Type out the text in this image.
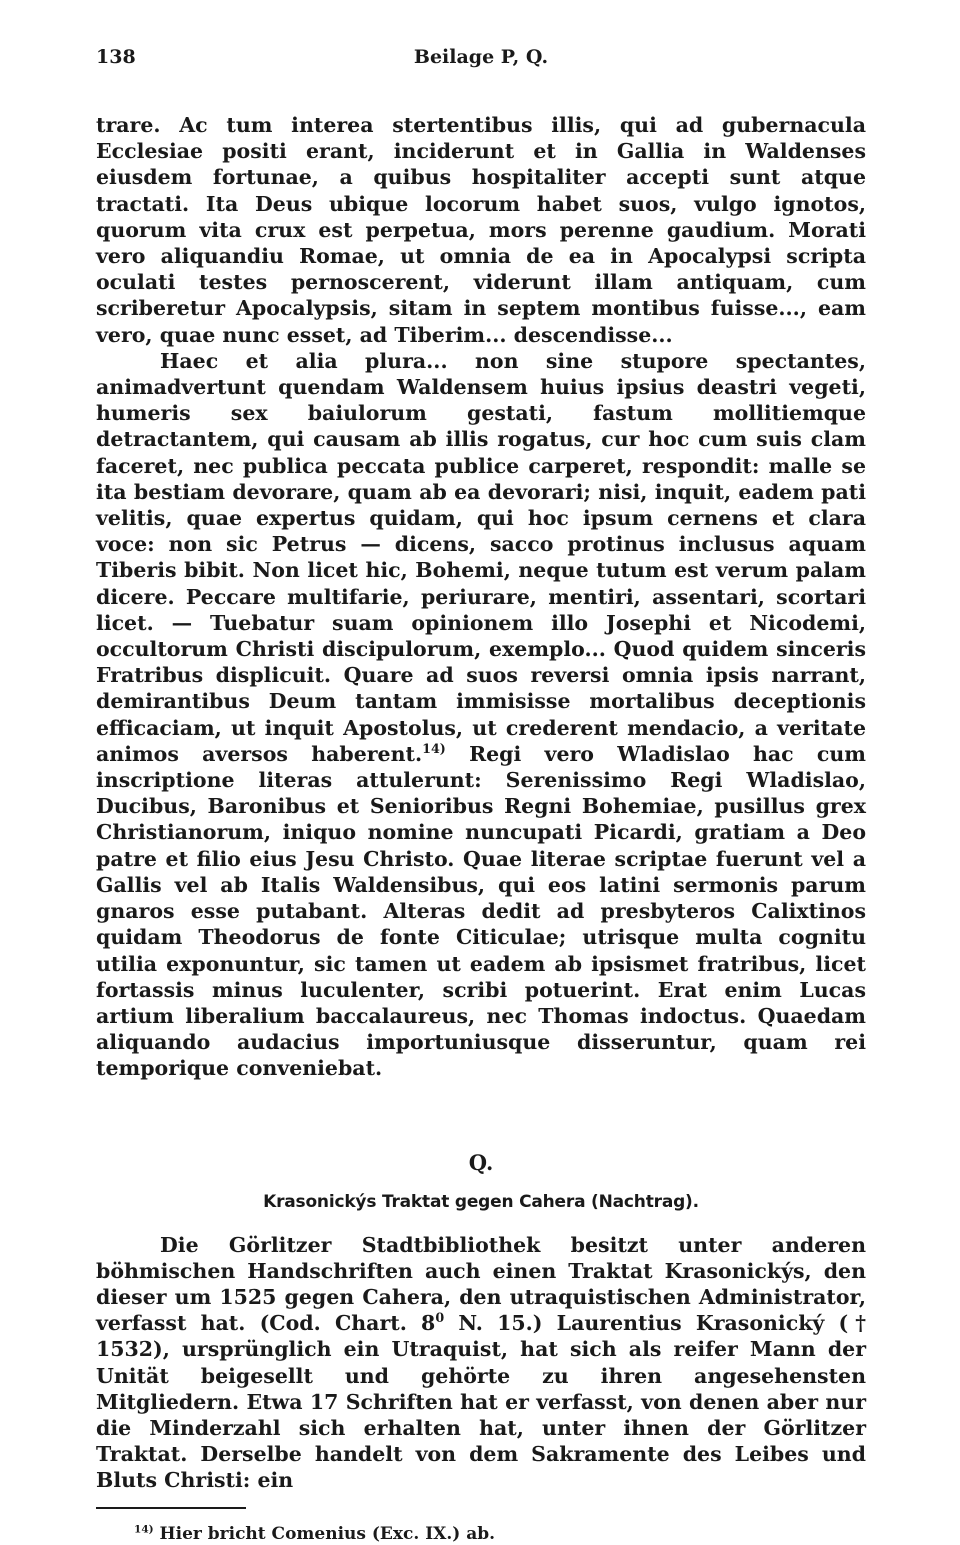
138	Beilage P, Q.

trare. Ac tum interea stertentibus illis, qui ad gubernacula Ecclesiae positi erant, inciderunt et in Gallia in Waldenses eiusdem fortunae, a quibus hospitaliter accepti sunt atque tractati. Ita Deus ubique locorum habet suos, vulgo ignotos, quorum vita crux est perpetua, mors perenne gaudium. Morati vero aliquandiu Romae, ut omnia de ea in Apocalypsi scripta oculati testes pernoscerent, viderunt illam antiquam, cum scriberetur Apocalypsis, sitam in septem montibus fuisse..., eam vero, quae nunc esset, ad Tiberim... descendisse...

Haec et alia plura... non sine stupore spectantes, animadvertunt quendam Waldensem huius ipsius deastri vegeti, humeris sex baiulorum gestati, fastum mollitiemque detractantem, qui causam ab illis rogatus, cur hoc cum suis clam faceret, nec publica peccata publice carperet, respondit: malle se ita bestiam devorare, quam ab ea devorari; nisi, inquit, eadem pati velitis, quae expertus quidam, qui hoc ipsum cernens et clara voce: non sic Petrus — dicens, sacco protinus inclusus aquam Tiberis bibit. Non licet hic, Bohemi, neque tutum est verum palam dicere. Peccare multifarie, periurare, mentiri, assentari, scortari licet. — Tuebatur suam opinionem illo Josephi et Nicodemi, occultorum Christi discipulorum, exemplo... Quod quidem sinceris Fratribus displicuit. Quare ad suos reversi omnia ipsis narrant, demirantibus Deum tantam immisisse mortalibus deceptionis efficaciam, ut inquit Apostolus, ut crederent mendacio, a veritate animos aversos haberent.$^{14)}$ Regi vero Wladislao hac cum inscriptione literas attulerunt: Serenissimo Regi Wladislao, Ducibus, Baronibus et Senioribus Regni Bohemiae, pusillus grex Christianorum, iniquo nomine nuncupati Picardi, gratiam a Deo patre et filio eius Jesu Christo. Quae literae scriptae fuerunt vel a Gallis vel ab Italis Waldensibus, qui eos latini sermonis parum gnaros esse putabant. Alteras dedit ad presbyteros Calixtinos quidam Theodorus de fonte Citiculae; utrisque multa cognitu utilia exponuntur, sic tamen ut eadem ab ipsismet fratribus, licet fortassis minus luculenter, scribi potuerint. Erat enim Lucas artium liberalium baccalaureus, nec Thomas indoctus. Quaedam aliquando audacius importuniusque disseruntur, quam rei temporique conveniebat.

Q.
Krasonickýs Traktat gegen Cahera (Nachtrag).

Die Görlitzer Stadtbibliothek besitzt unter anderen böhmischen Handschriften auch einen Traktat Krasonickýs, den dieser um 1525 gegen Cahera, den utraquistischen Administrator, verfasst hat. (Cod. Chart. $8^0$ N. 15.) Laurentius Krasonický († 1532), ursprünglich ein Utraquist, hat sich als reifer Mann der Unität beigesellt und gehörte zu ihren angesehensten Mitgliedern. Etwa 17 Schriften hat er verfasst, von denen aber nur die Minderzahl sich erhalten hat, unter ihnen der Görlitzer Traktat. Derselbe handelt von dem Sakramente des Leibes und Bluts Christi: ein

$^{14)}$ Hier bricht Comenius (Exc. IX.) ab.
